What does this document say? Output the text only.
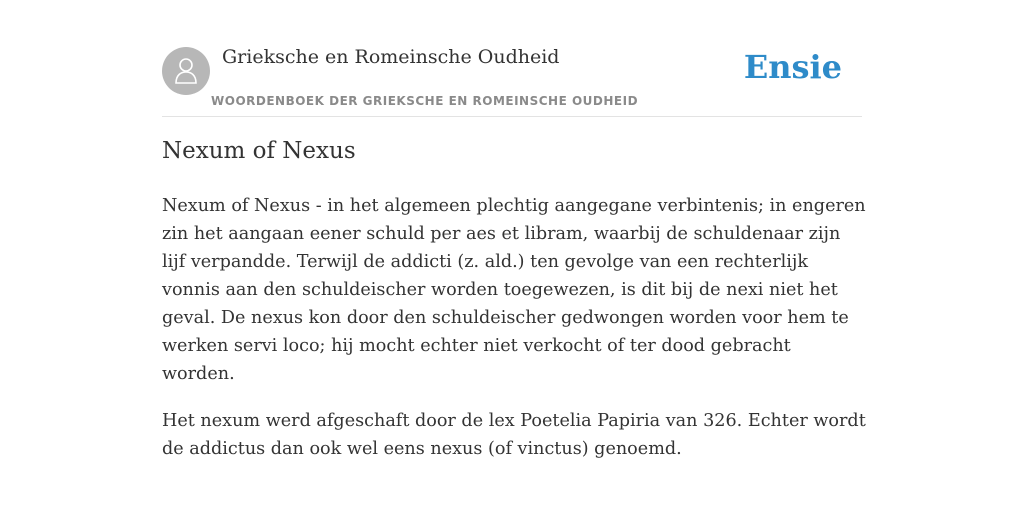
Grieksche en Romeinsche Oudheid
WOORDENBOEK DER GRIEKSCHE EN ROMEINSCHE OUDHEID
Ensie
Nexum of Nexus

Nexum of Nexus - in het algemeen plechtig aangegane verbintenis; in engeren zin het aangaan eener schuld per aes et libram, waarbij de schuldenaar zijn lijf verpandde. Terwijl de addicti (z. ald.) ten gevolge van een rechterlijk vonnis aan den schuldeischer worden toegewezen, is dit bij de nexi niet het geval. De nexus kon door den schuldeischer gedwongen worden voor hem te werken servi loco; hij mocht echter niet verkocht of ter dood gebracht worden.

Het nexum werd afgeschaft door de lex Poetelia Papiria van 326. Echter wordt de addictus dan ook wel eens nexus (of vinctus) genoemd.
